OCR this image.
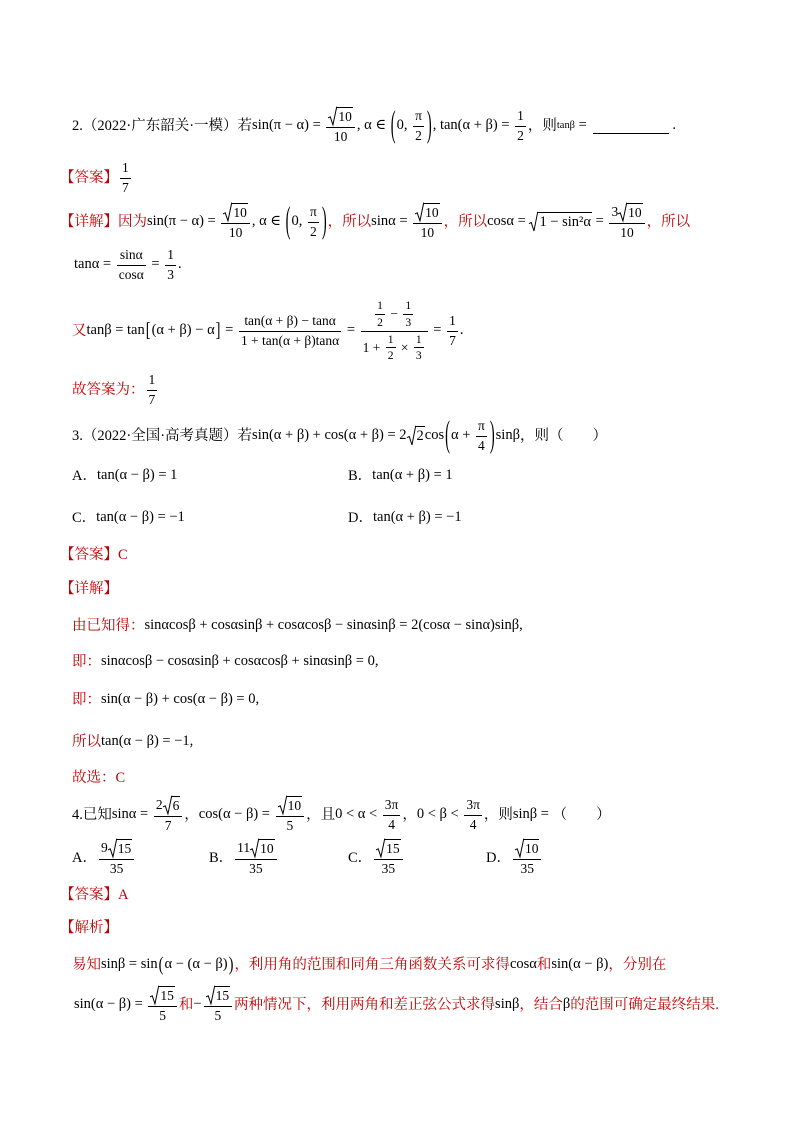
2.（2022·广东韶关·一模）若 $\sin(\pi - \alpha) = \frac{10}{10}$ , α ∈ ( 0, $\frac{\pi}{2}$ ) , $\tan(\alpha + \beta) = \frac{1}{2}$ ，则 tanβ =	.
【答案】 $\frac{1}{7}$
【详解】因为 $\sin(\pi - \alpha) = \frac{10}{10}$ , α ∈ ( 0, $\frac{\pi}{2}$ ) ，所以 $\sin\alpha = \frac{10}{10}$ ，所以 $\cos\alpha = 1 - \sin^2\alpha = \frac{3 10}{10}$ ，所以
$\tan\alpha = \frac{\sin\alpha}{\cos\alpha} = \frac{1}{3}$ .
又 tanβ = tan [ (α + β) − α ] = $\frac{\tan(\alpha + \beta) - \tan\alpha}{1 + \tan(\alpha + \beta)\tan\alpha} = \frac{\frac{1}{2} - \frac{1}{3}}{1 + \frac{1}{2} \times \frac{1}{3}} = \frac{1}{7}$ .
故答案为： $\frac{1}{7}$
3.（2022·全国·高考真题）若 sin(α + β) + cos(α + β) = 2 2 cos ( $\alpha + \frac{\pi}{4}$ ) sinβ ，则（　　）
A． tan(α − β) = 1	B． tan(α + β) = 1
C． tan(α − β) = −1	D． tan(α + β) = −1
【答案】C
【详解】
由已知得： sinαcosβ + cosαsinβ + cosαcosβ − sinαsinβ = 2(cosα − sinα)sinβ,
即： sinαcosβ − cosαsinβ + cosαcosβ + sinαsinβ = 0,
即： sin(α − β) + cos(α − β) = 0,
所以 tan(α − β) = −1,
故选：C
4.已知 $\sin\alpha = \frac{2 6}{7}$ ， $\cos(\alpha - \beta) = \frac{10}{5}$ ，且 $0 < \alpha < \frac{3\pi}{4}$ ， $0 < \beta < \frac{3\pi}{4}$ ，则 sinβ = （　　）
A． $\frac{9 15}{35}$	B． $\frac{11 10}{35}$	C． $\frac{15}{35}$	D． $\frac{10}{35}$
【答案】A
【解析】
易知 sinβ = sin ( α − (α − β) ) ，利用角的范围和同角三角函数关系可求得 cosα 和 sin(α − β) ，分别在
$\sin(\alpha - \beta) = \frac{15}{5}$ 和 − $\frac{15}{5}$ 两种情况下，利用两角和差正弦公式求得 sinβ ，结合 β 的范围可确定最终结果.
